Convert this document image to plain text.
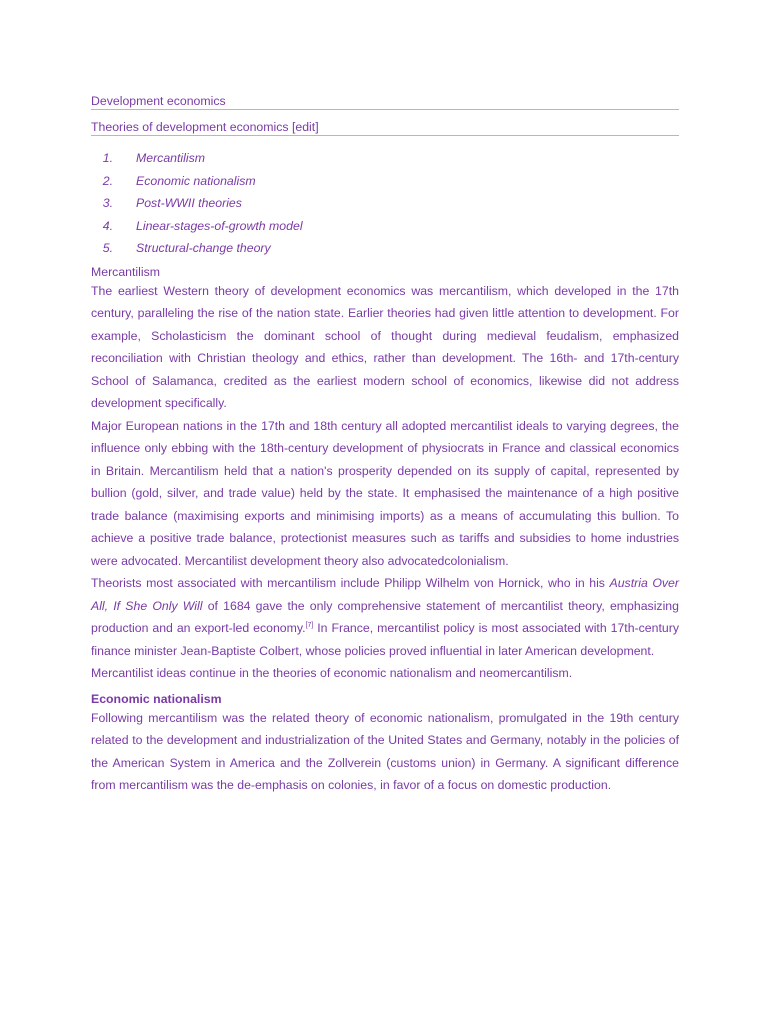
Development economics
Theories of development economics [edit]
1. Mercantilism
2. Economic nationalism
3. Post-WWII theories
4. Linear-stages-of-growth model
5. Structural-change theory
Mercantilism

The earliest Western theory of development economics was mercantilism, which developed in the 17th century, paralleling the rise of the nation state. Earlier theories had given little attention to development. For example, Scholasticism the dominant school of thought during medieval feudalism, emphasized reconciliation with Christian theology and ethics, rather than development. The 16th- and 17th-century School of Salamanca, credited as the earliest modern school of economics, likewise did not address development specifically.

Major European nations in the 17th and 18th century all adopted mercantilist ideals to varying degrees, the influence only ebbing with the 18th-century development of physiocrats in France and classical economics in Britain. Mercantilism held that a nation's prosperity depended on its supply of capital, represented by bullion (gold, silver, and trade value) held by the state. It emphasised the maintenance of a high positive trade balance (maximising exports and minimising imports) as a means of accumulating this bullion. To achieve a positive trade balance, protectionist measures such as tariffs and subsidies to home industries were advocated. Mercantilist development theory also advocatedcolonialism.

Theorists most associated with mercantilism include Philipp Wilhelm von Hornick, who in his Austria Over All, If She Only Will of 1684 gave the only comprehensive statement of mercantilist theory, emphasizing production and an export-led economy.[7] In France, mercantilist policy is most associated with 17th-century finance minister Jean-Baptiste Colbert, whose policies proved influential in later American development.

Mercantilist ideas continue in the theories of economic nationalism and neomercantilism.

Economic nationalism

Following mercantilism was the related theory of economic nationalism, promulgated in the 19th century related to the development and industrialization of the United States and Germany, notably in the policies of the American System in America and the Zollverein (customs union) in Germany. A significant difference from mercantilism was the de-emphasis on colonies, in favor of a focus on domestic production.
